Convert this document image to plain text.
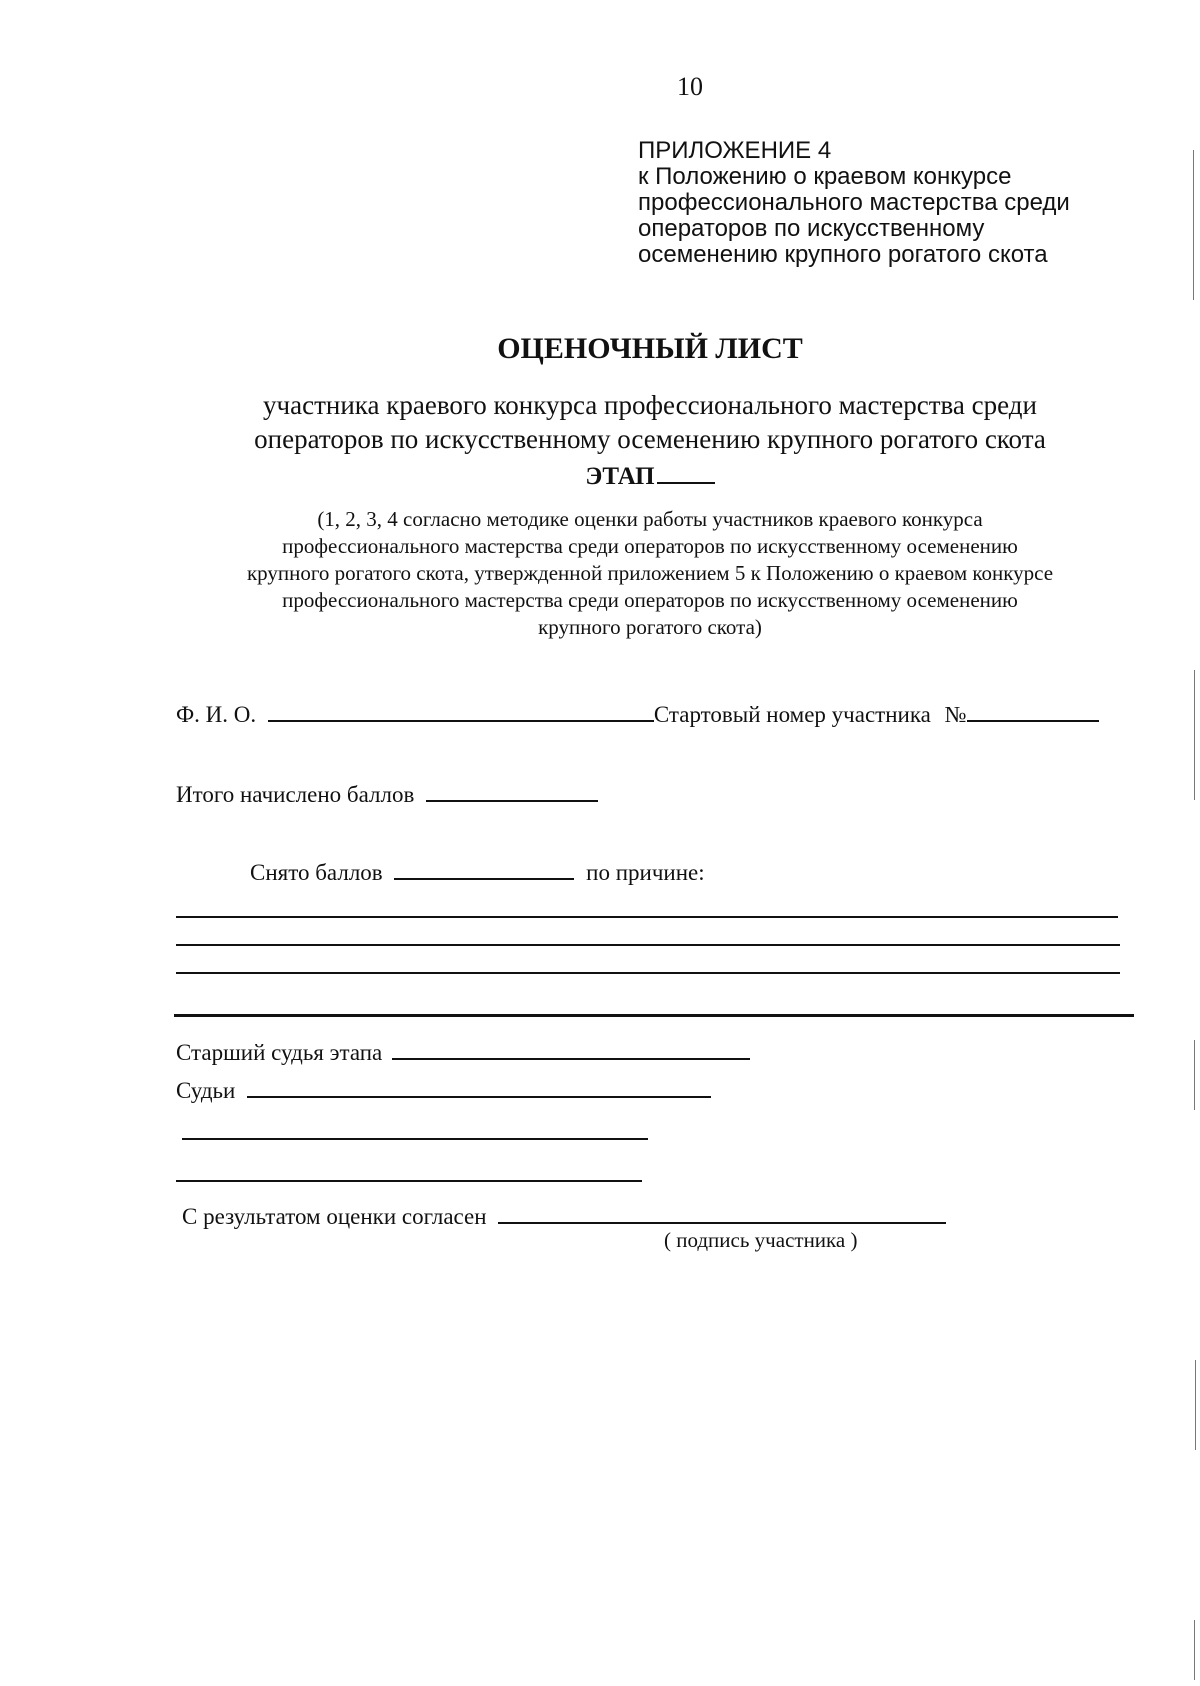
10
ПРИЛОЖЕНИЕ 4
к Положению о краевом конкурсе
профессионального мастерства среди
операторов по искусственному
осеменению крупного рогатого скота
ОЦЕНОЧНЫЙ ЛИСТ
участника краевого конкурса профессионального мастерства среди
операторов по искусственному осеменению крупного рогатого скота
ЭТАП
(1, 2, 3, 4 согласно методике оценки работы участников краевого конкурса
профессионального мастерства среди операторов по искусственному осеменению
крупного рогатого скота, утвержденной приложением 5 к Положению о краевом конкурсе
профессионального мастерства среди операторов по искусственному осеменению
крупного рогатого скота)
Ф. И. О.	Стартовый номер участника №
Итого начислено баллов
Снято баллов	по причине:
Старший судья этапа
Судьи
С результатом оценки согласен
( подпись участника )
